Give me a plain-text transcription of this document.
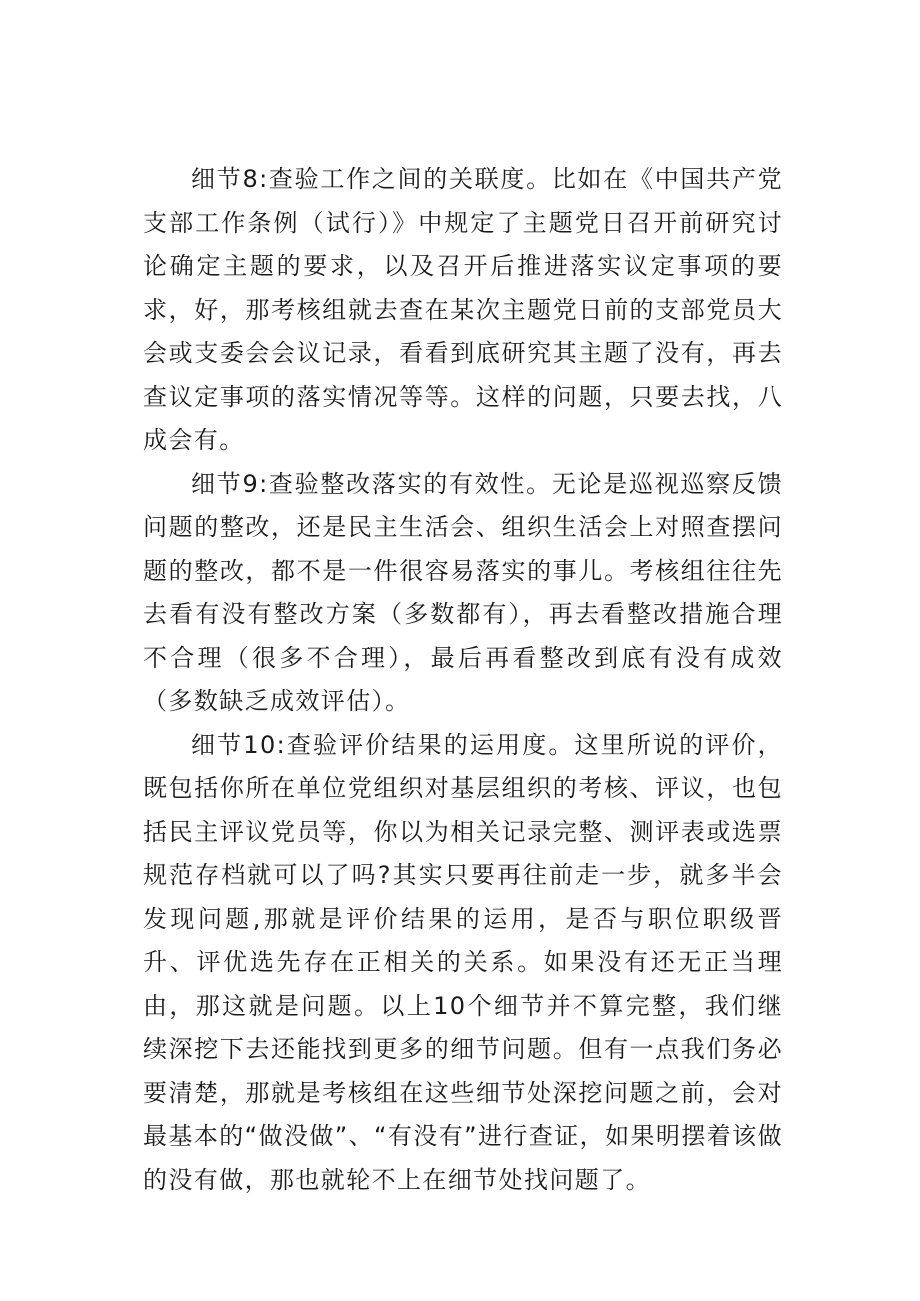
细节8:查验工作之间的关联度。比如在《中国共产党支部工作条例（试行）》中规定了主题党日召开前研究讨论确定主题的要求，以及召开后推进落实议定事项的要求，好，那考核组就去查在某次主题党日前的支部党员大会或支委会会议记录，看看到底研究其主题了没有，再去查议定事项的落实情况等等。这样的问题，只要去找，八成会有。

细节9:查验整改落实的有效性。无论是巡视巡察反馈问题的整改，还是民主生活会、组织生活会上对照查摆问题的整改，都不是一件很容易落实的事儿。考核组往往先去看有没有整改方案（多数都有），再去看整改措施合理不合理（很多不合理），最后再看整改到底有没有成效（多数缺乏成效评估）。

细节10:查验评价结果的运用度。这里所说的评价，既包括你所在单位党组织对基层组织的考核、评议，也包括民主评议党员等，你以为相关记录完整、测评表或选票规范存档就可以了吗?其实只要再往前走一步，就多半会发现问题,那就是评价结果的运用，是否与职位职级晋升、评优选先存在正相关的关系。如果没有还无正当理由，那这就是问题。以上10个细节并不算完整，我们继续深挖下去还能找到更多的细节问题。但有一点我们务必要清楚，那就是考核组在这些细节处深挖问题之前，会对最基本的“做没做”、“有没有”进行查证，如果明摆着该做的没有做，那也就轮不上在细节处找问题了。
